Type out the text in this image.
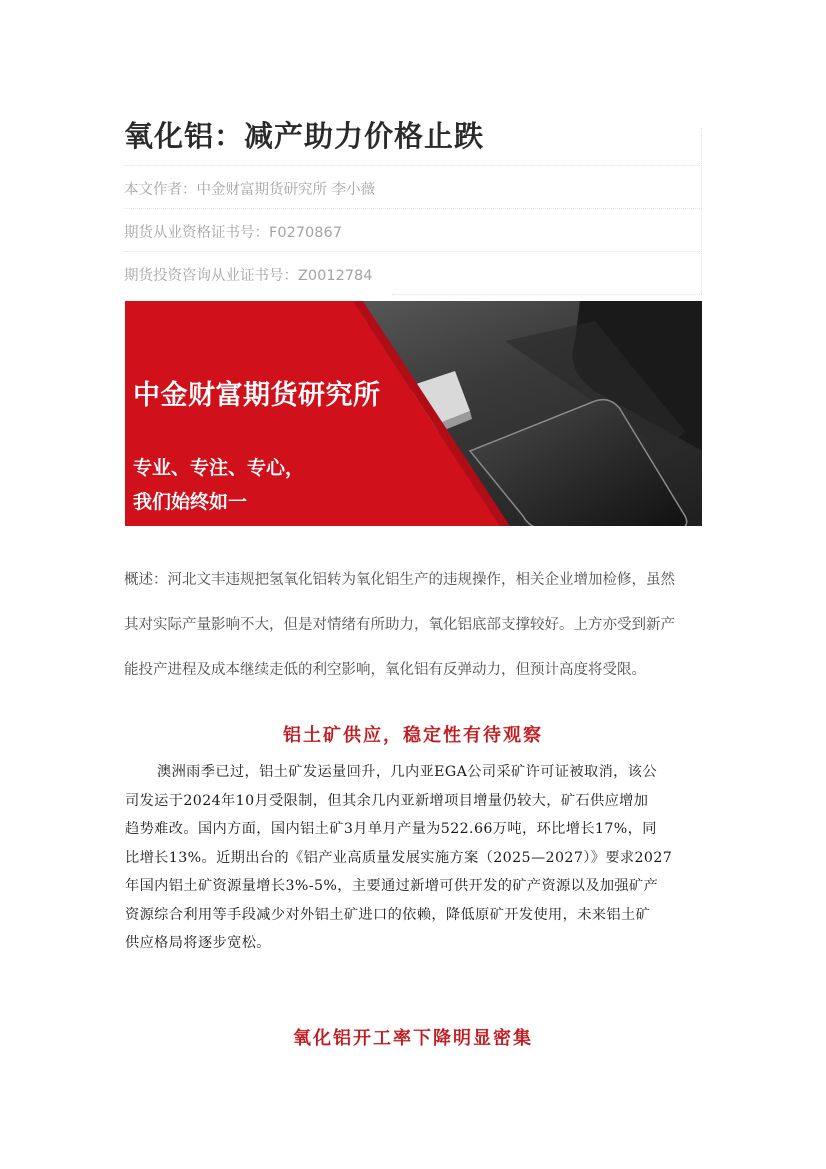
氧化铝：减产助力价格止跌
本文作者：中金财富期货研究所 李小薇
期货从业资格证书号：F0270867
期货投资咨询从业证书号：Z0012784
中金财富期货研究所
专业、专注、专心，
我们始终如一
概述：河北文丰违规把氢氧化铝转为氧化铝生产的违规操作，相关企业增加检修，虽然
其对实际产量影响不大，但是对情绪有所助力，氧化铝底部支撑较好。上方亦受到新产
能投产进程及成本继续走低的利空影响，氧化铝有反弹动力，但预计高度将受限。
铝土矿供应，稳定性有待观察
澳洲雨季已过，铝土矿发运量回升，几内亚EGA公司采矿许可证被取消，该公
司发运于2024年10月受限制，但其余几内亚新增项目增量仍较大，矿石供应增加
趋势难改。国内方面，国内铝土矿3月单月产量为522.66万吨，环比增长17%，同
比增长13%。近期出台的《铝产业高质量发展实施方案（2025—2027）》要求2027
年国内铝土矿资源量增长3%-5%，主要通过新增可供开发的矿产资源以及加强矿产
资源综合利用等手段减少对外铝土矿进口的依赖，降低原矿开发使用，未来铝土矿
供应格局将逐步宽松。
氧化铝开工率下降明显密集
